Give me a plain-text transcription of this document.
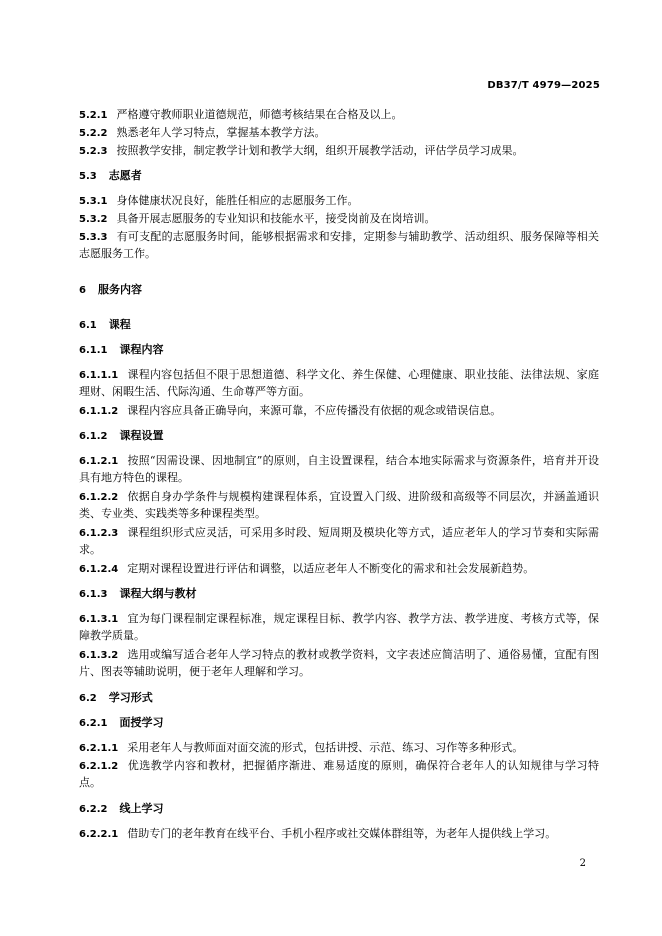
DB37/T 4979—2025
5.2.1 严格遵守教师职业道德规范，师德考核结果在合格及以上。
5.2.2 熟悉老年人学习特点，掌握基本教学方法。
5.2.3 按照教学安排，制定教学计划和教学大纲，组织开展教学活动，评估学员学习成果。
5.3 志愿者
5.3.1 身体健康状况良好，能胜任相应的志愿服务工作。
5.3.2 具备开展志愿服务的专业知识和技能水平，接受岗前及在岗培训。
5.3.3 有可支配的志愿服务时间，能够根据需求和安排，定期参与辅助教学、活动组织、服务保障等相关志愿服务工作。
6 服务内容
6.1 课程
6.1.1 课程内容
6.1.1.1 课程内容包括但不限于思想道德、科学文化、养生保健、心理健康、职业技能、法律法规、家庭理财、闲暇生活、代际沟通、生命尊严等方面。
6.1.1.2 课程内容应具备正确导向，来源可靠，不应传播没有依据的观念或错误信息。
6.1.2 课程设置
6.1.2.1 按照“因需设课、因地制宜”的原则，自主设置课程，结合本地实际需求与资源条件，培育并开设具有地方特色的课程。
6.1.2.2 依据自身办学条件与规模构建课程体系，宜设置入门级、进阶级和高级等不同层次，并涵盖通识类、专业类、实践类等多种课程类型。
6.1.2.3 课程组织形式应灵活，可采用多时段、短周期及模块化等方式，适应老年人的学习节奏和实际需求。
6.1.2.4 定期对课程设置进行评估和调整，以适应老年人不断变化的需求和社会发展新趋势。
6.1.3 课程大纲与教材
6.1.3.1 宜为每门课程制定课程标准，规定课程目标、教学内容、教学方法、教学进度、考核方式等，保障教学质量。
6.1.3.2 选用或编写适合老年人学习特点的教材或教学资料，文字表述应简洁明了、通俗易懂，宜配有图片、图表等辅助说明，便于老年人理解和学习。
6.2 学习形式
6.2.1 面授学习
6.2.1.1 采用老年人与教师面对面交流的形式，包括讲授、示范、练习、习作等多种形式。
6.2.1.2 优选教学内容和教材，把握循序渐进、难易适度的原则，确保符合老年人的认知规律与学习特点。
6.2.2 线上学习
6.2.2.1 借助专门的老年教育在线平台、手机小程序或社交媒体群组等，为老年人提供线上学习。
2
